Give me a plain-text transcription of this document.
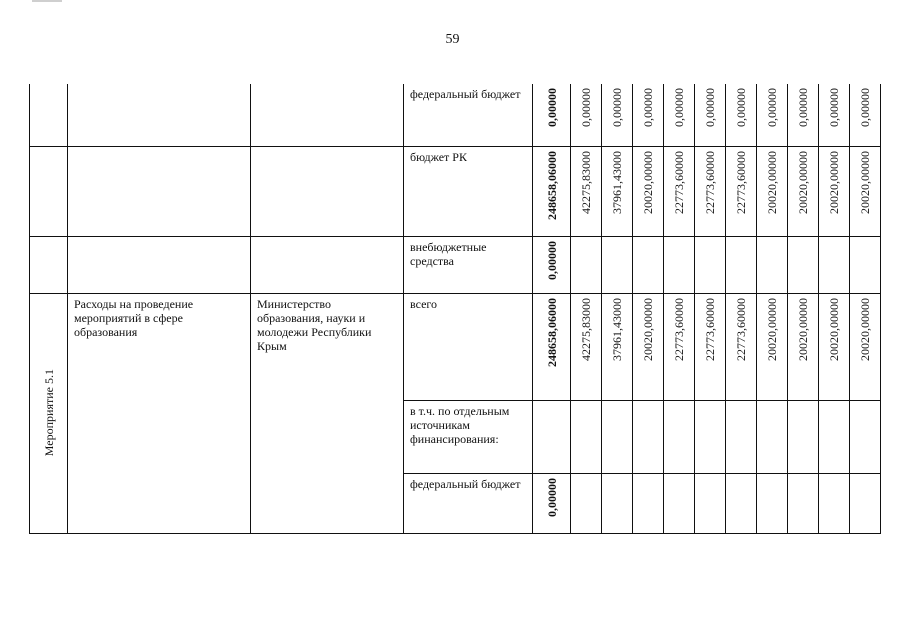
59
			федеральный бюджет	0,00000	0,00000	0,00000	0,00000	0,00000	0,00000	0,00000	0,00000	0,00000	0,00000	0,00000

			бюджет РК	248658,06000	42275,83000	37961,43000	20020,00000	22773,60000	22773,60000	22773,60000	20020,00000	20020,00000	20020,00000	20020,00000

			внебюджетные средства	0,00000										

Мероприятие 5.1	Расходы на проведение мероприятий в сфере образования	Министерство образования, науки и молодежи Республики Крым	всего	248658,06000	42275,83000	37961,43000	20020,00000	22773,60000	22773,60000	22773,60000	20020,00000	20020,00000	20020,00000	20020,00000

			в т.ч. по отдельным источникам финансирования:											
			федеральный бюджет	0,00000										
